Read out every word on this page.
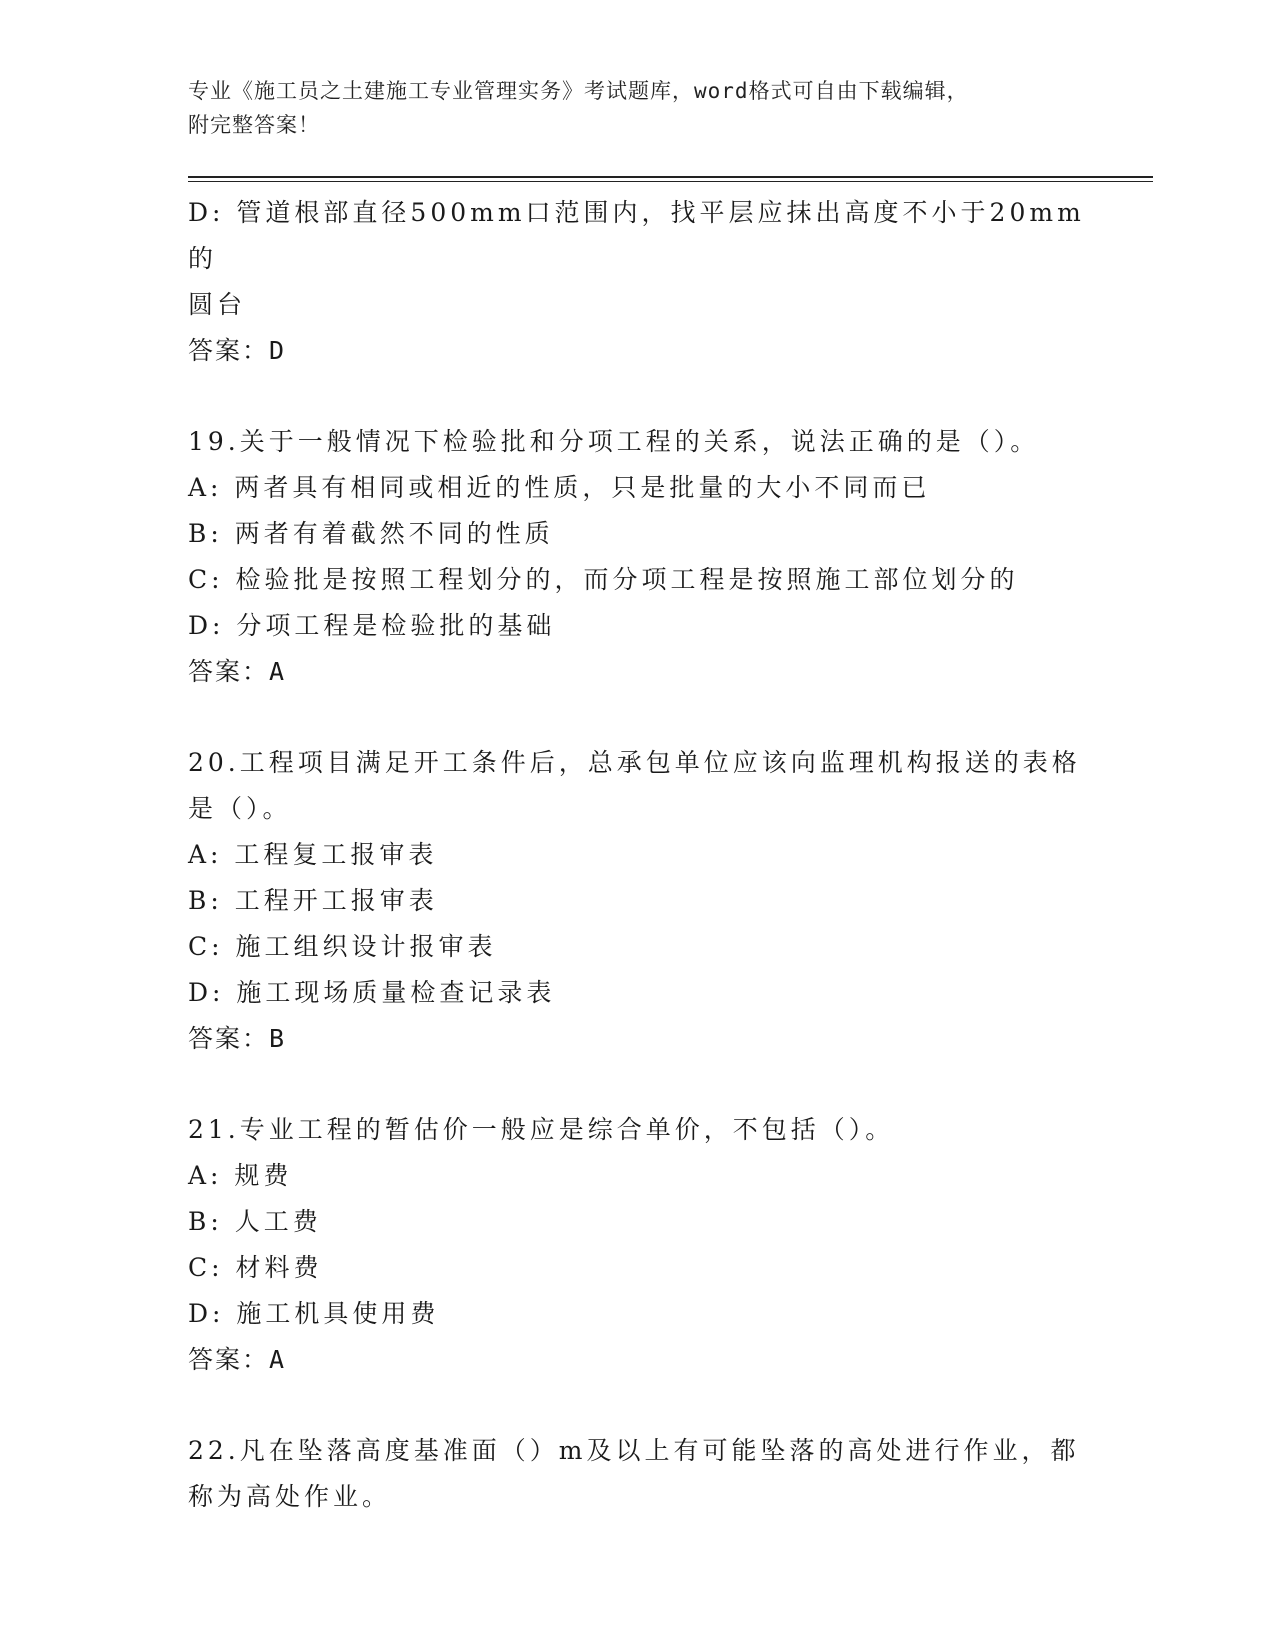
专业《施工员之土建施工专业管理实务》考试题库，word格式可自由下载编辑，
附完整答案！

D: 管道根部直径500mm口范围内，找平层应抹出高度不小于20mm的

圆台

答案：D

19.关于一般情况下检验批和分项工程的关系，说法正确的是（）。

A: 两者具有相同或相近的性质，只是批量的大小不同而已

B: 两者有着截然不同的性质

C: 检验批是按照工程划分的，而分项工程是按照施工部位划分的

D: 分项工程是检验批的基础

答案：A

20.工程项目满足开工条件后，总承包单位应该向监理机构报送的表格

是（）。

A: 工程复工报审表

B: 工程开工报审表

C: 施工组织设计报审表

D: 施工现场质量检查记录表

答案：B

21.专业工程的暂估价一般应是综合单价，不包括（）。

A: 规费

B: 人工费

C: 材料费

D: 施工机具使用费

答案：A

22.凡在坠落高度基准面（）m及以上有可能坠落的高处进行作业，都

称为高处作业。
